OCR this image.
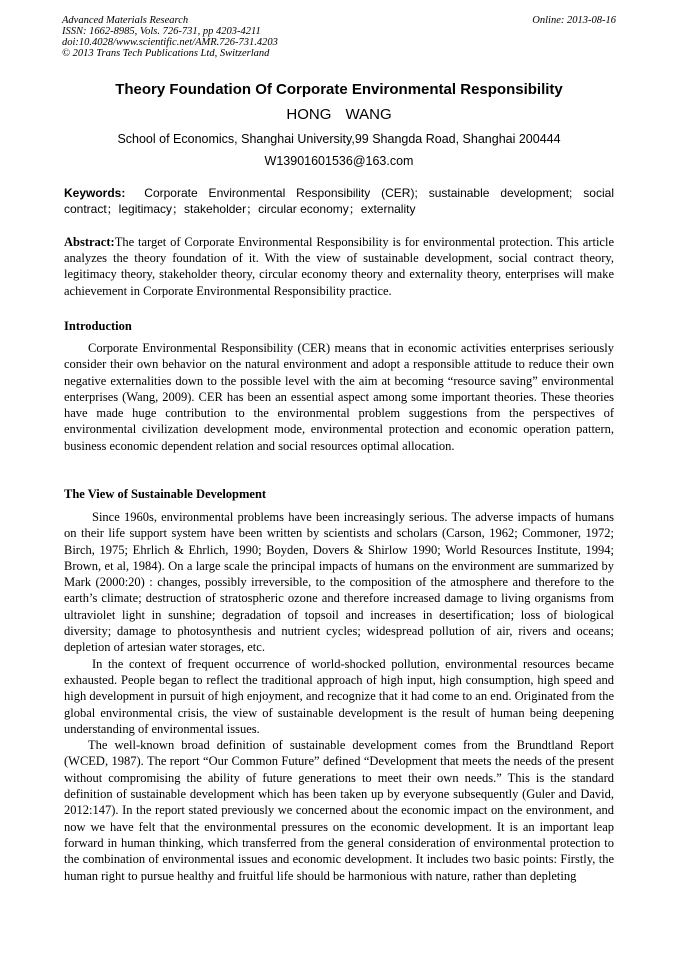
Advanced Materials Research
ISSN: 1662-8985, Vols. 726-731, pp 4203-4211
doi:10.4028/www.scientific.net/AMR.726-731.4203
© 2013 Trans Tech Publications Ltd, Switzerland
Online: 2013-08-16
Theory Foundation Of Corporate Environmental Responsibility
HONG WANG
School of Economics, Shanghai University,99 Shangda Road, Shanghai 200444
W13901601536@163.com
Keywords: Corporate Environmental Responsibility (CER); sustainable development; social contract；legitimacy；stakeholder；circular economy；externality
Abstract:The target of Corporate Environmental Responsibility is for environmental protection. This article analyzes the theory foundation of it. With the view of sustainable development, social contract theory, legitimacy theory, stakeholder theory, circular economy theory and externality theory, enterprises will make achievement in Corporate Environmental Responsibility practice.
Introduction

Corporate Environmental Responsibility (CER) means that in economic activities enterprises seriously consider their own behavior on the natural environment and adopt a responsible attitude to reduce their own negative externalities down to the possible level with the aim at becoming “resource saving” environmental enterprises (Wang, 2009). CER has been an essential aspect among some important theories. These theories have made huge contribution to the environmental problem suggestions from the perspectives of environmental civilization development mode, environmental protection and economic operation pattern, business economic dependent relation and social resources optimal allocation.

The View of Sustainable Development

Since 1960s, environmental problems have been increasingly serious. The adverse impacts of humans on their life support system have been written by scientists and scholars (Carson, 1962; Commoner, 1972; Birch, 1975; Ehrlich & Ehrlich, 1990; Boyden, Dovers & Shirlow 1990; World Resources Institute, 1994; Brown, et al, 1984). On a large scale the principal impacts of humans on the environment are summarized by Mark (2000:20) : changes, possibly irreversible, to the composition of the atmosphere and therefore to the earth’s climate; destruction of stratospheric ozone and therefore increased damage to living organisms from ultraviolet light in sunshine; degradation of topsoil and increases in desertification; loss of biological diversity; damage to photosynthesis and nutrient cycles; widespread pollution of air, rivers and oceans; depletion of artesian water storages, etc.

In the context of frequent occurrence of world-shocked pollution, environmental resources became exhausted. People began to reflect the traditional approach of high input, high consumption, high speed and high development in pursuit of high enjoyment, and recognize that it had come to an end. Originated from the global environmental crisis, the view of sustainable development is the result of human being deepening understanding of environmental issues.

The well-known broad definition of sustainable development comes from the Brundtland Report (WCED, 1987). The report “Our Common Future” defined “Development that meets the needs of the present without compromising the ability of future generations to meet their own needs.” This is the standard definition of sustainable development which has been taken up by everyone subsequently (Guler and David, 2012:147). In the report stated previously we concerned about the economic impact on the environment, and now we have felt that the environmental pressures on the economic development. It is an important leap forward in human thinking, which transferred from the general consideration of environmental protection to the combination of environmental issues and economic development. It includes two basic points: Firstly, the human right to pursue healthy and fruitful life should be harmonious with nature, rather than depleting
